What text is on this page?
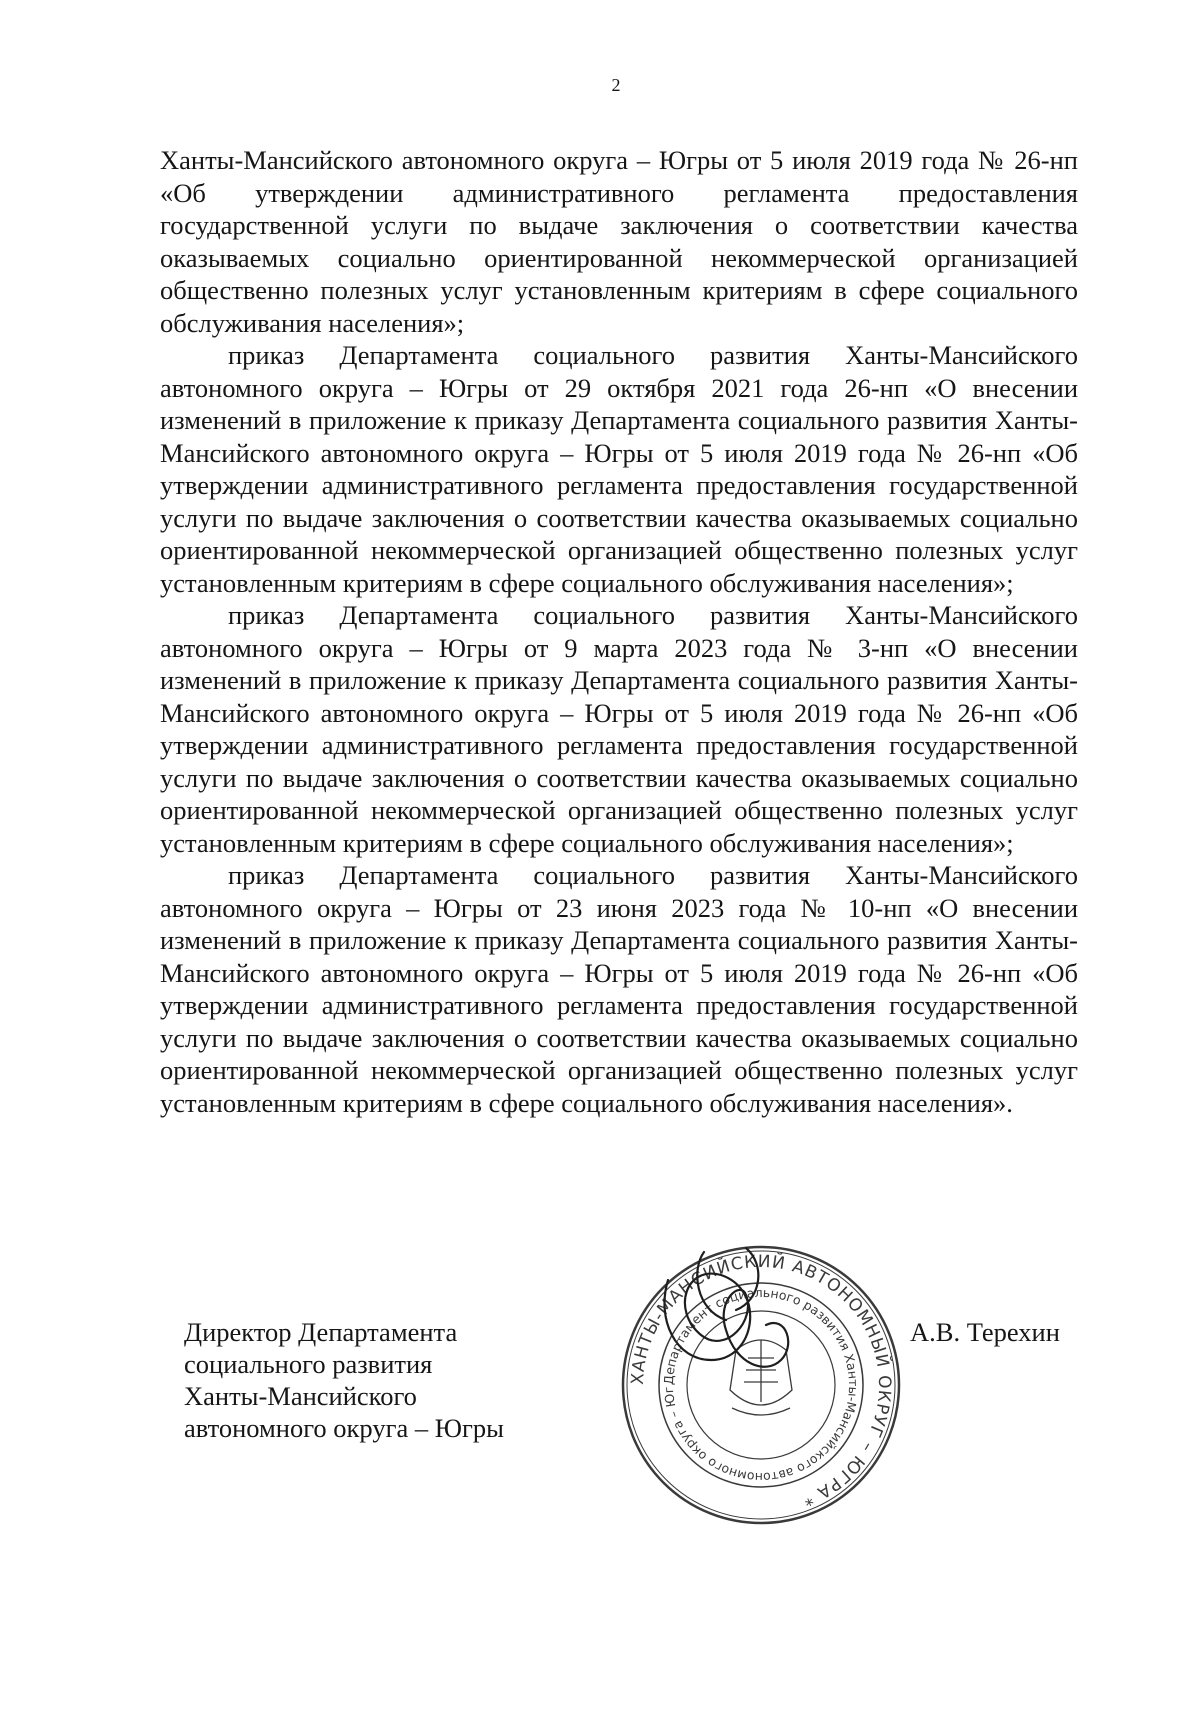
2

Ханты-Мансийского автономного округа – Югры от 5 июля 2019 года № 26-нп «Об утверждении административного регламента предоставления государственной услуги по выдаче заключения о соответствии качества оказываемых социально ориентированной некоммерческой организацией общественно полезных услуг установленным критериям в сфере социального обслуживания населения»;

приказ Департамента социального развития Ханты-Мансийского автономного округа – Югры от 29 октября 2021 года 26-нп «О внесении изменений в приложение к приказу Департамента социального развития Ханты-Мансийского автономного округа – Югры от 5 июля 2019 года № 26-нп «Об утверждении административного регламента предоставления государственной услуги по выдаче заключения о соответствии качества оказываемых социально ориентированной некоммерческой организацией общественно полезных услуг установленным критериям в сфере социального обслуживания населения»;

приказ Департамента социального развития Ханты-Мансийского автономного округа – Югры от 9 марта 2023 года № 3-нп «О внесении изменений в приложение к приказу Департамента социального развития Ханты-Мансийского автономного округа – Югры от 5 июля 2019 года № 26-нп «Об утверждении административного регламента предоставления государственной услуги по выдаче заключения о соответствии качества оказываемых социально ориентированной некоммерческой организацией общественно полезных услуг установленным критериям в сфере социального обслуживания населения»;

приказ Департамента социального развития Ханты-Мансийского автономного округа – Югры от 23 июня 2023 года № 10-нп «О внесении изменений в приложение к приказу Департамента социального развития Ханты-Мансийского автономного округа – Югры от 5 июля 2019 года № 26-нп «Об утверждении административного регламента предоставления государственной услуги по выдаче заключения о соответствии качества оказываемых социально ориентированной некоммерческой организацией общественно полезных услуг установленным критериям в сфере социального обслуживания населения».

Директор Департамента
социального развития
Ханты-Мансийского
автономного округа – Югры
ХАНТЫ-МАНСИЙСКИЙ АВТОНОМНЫЙ ОКРУГ – ЮГРА *
Департамент социального развития Ханты-Мансийского автономного округа – Юг
А.В. Терехин
